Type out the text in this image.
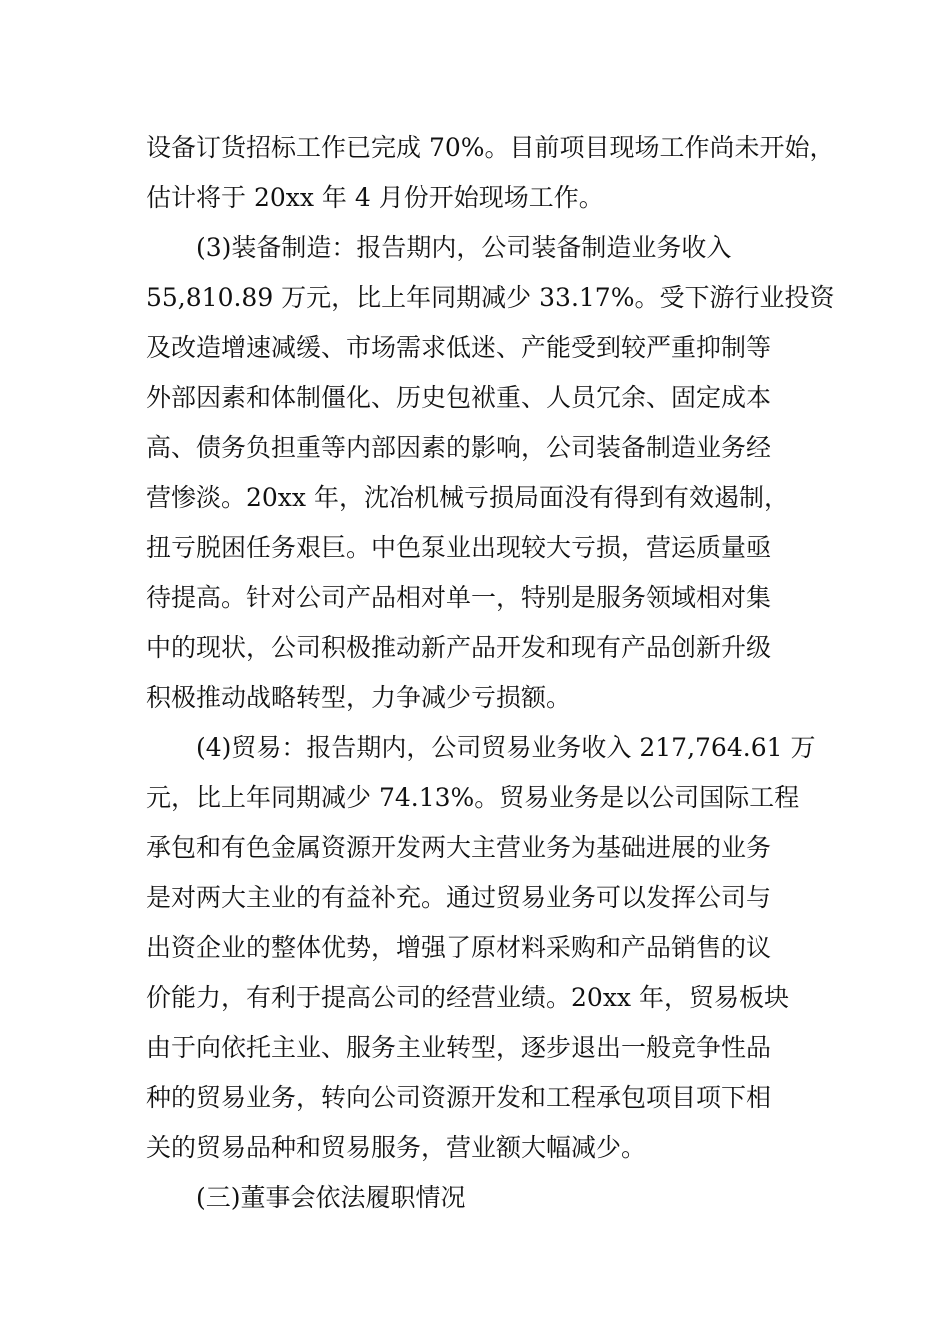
设备订货招标工作已完成 70%。目前项目现场工作尚未开始，
估计将于 20xx 年 4 月份开始现场工作。
(3)装备制造：报告期内，公司装备制造业务收入
55,810.89 万元，比上年同期减少 33.17%。受下游行业投资
及改造增速减缓、市场需求低迷、产能受到较严重抑制等
外部因素和体制僵化、历史包袱重、人员冗余、固定成本
高、债务负担重等内部因素的影响，公司装备制造业务经
营惨淡。20xx 年，沈冶机械亏损局面没有得到有效遏制，
扭亏脱困任务艰巨。中色泵业出现较大亏损，营运质量亟
待提高。针对公司产品相对单一，特别是服务领域相对集
中的现状，公司积极推动新产品开发和现有产品创新升级
积极推动战略转型，力争减少亏损额。
(4)贸易：报告期内，公司贸易业务收入 217,764.61 万
元，比上年同期减少 74.13%。贸易业务是以公司国际工程
承包和有色金属资源开发两大主营业务为基础进展的业务
是对两大主业的有益补充。通过贸易业务可以发挥公司与
出资企业的整体优势，增强了原材料采购和产品销售的议
价能力，有利于提高公司的经营业绩。20xx 年，贸易板块
由于向依托主业、服务主业转型，逐步退出一般竞争性品
种的贸易业务，转向公司资源开发和工程承包项目项下相
关的贸易品种和贸易服务，营业额大幅减少。
(三)董事会依法履职情况
